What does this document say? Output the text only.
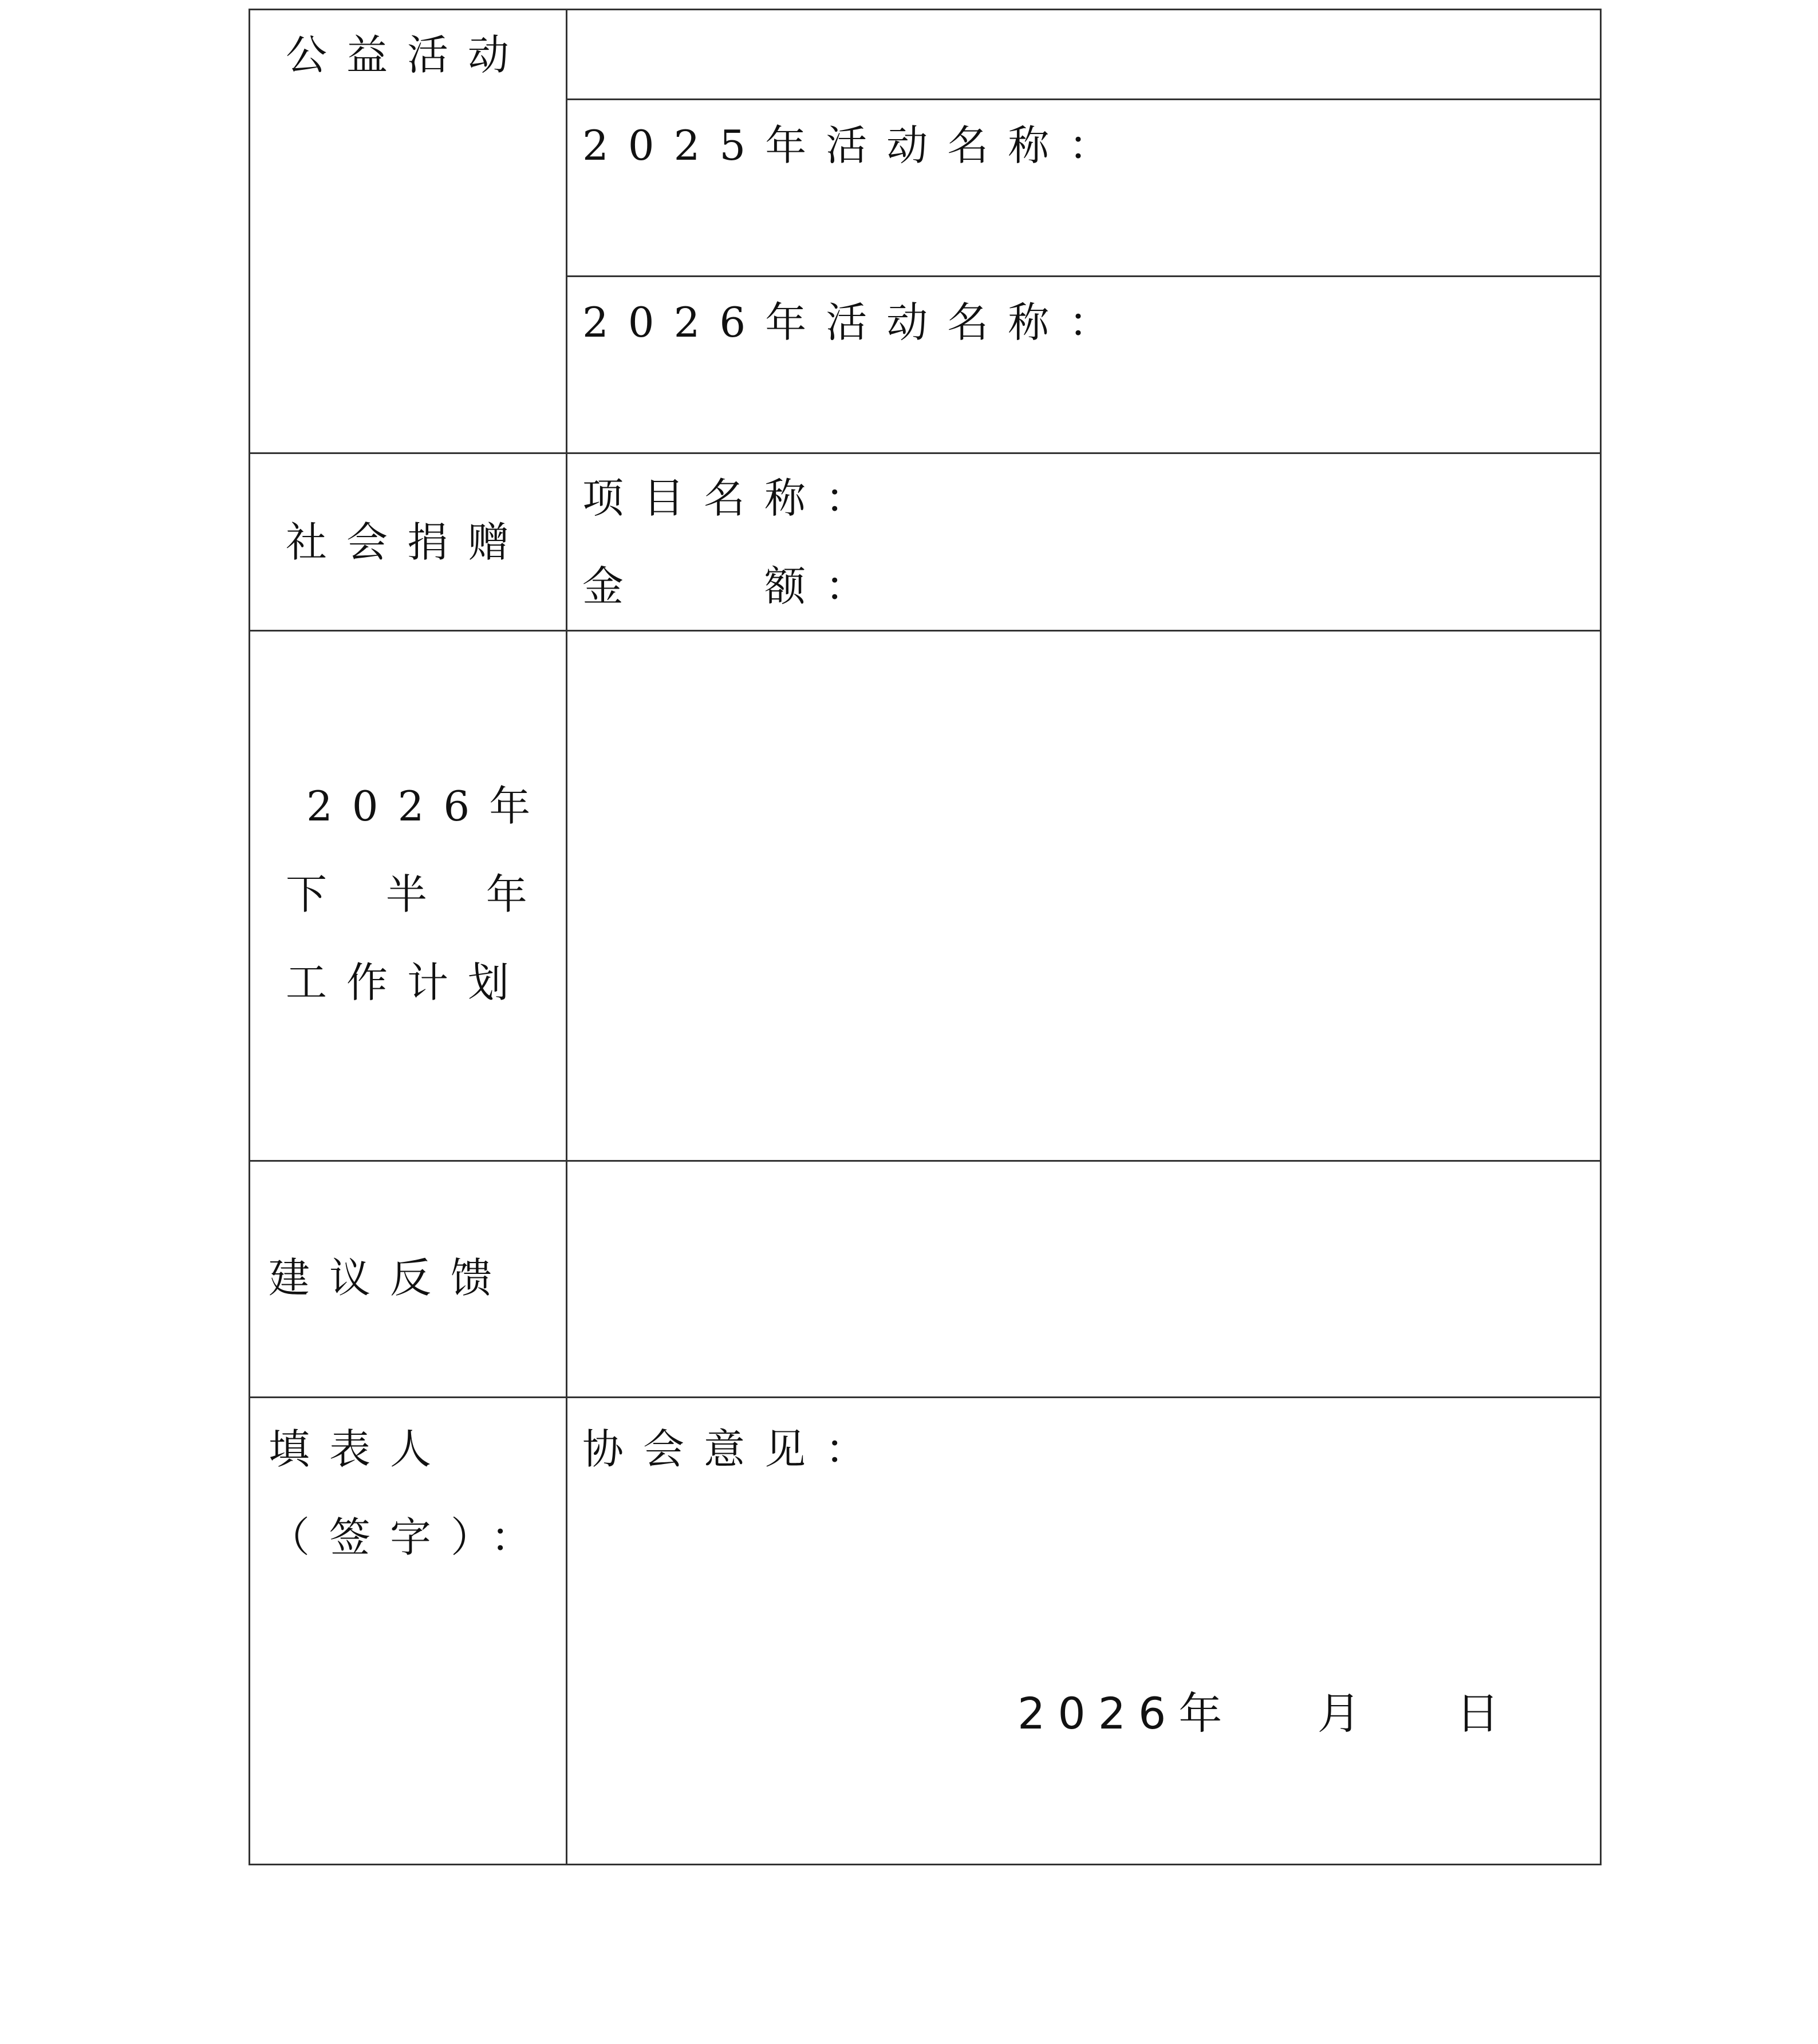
公益活动
2025年活动名称：
2026年活动名称：
社会捐赠
项目名称：
金　　额：
2026年
下 半 年
工作计划
建议反馈
填表人
（签字）：
协会意见：
2026年　 月 　日
